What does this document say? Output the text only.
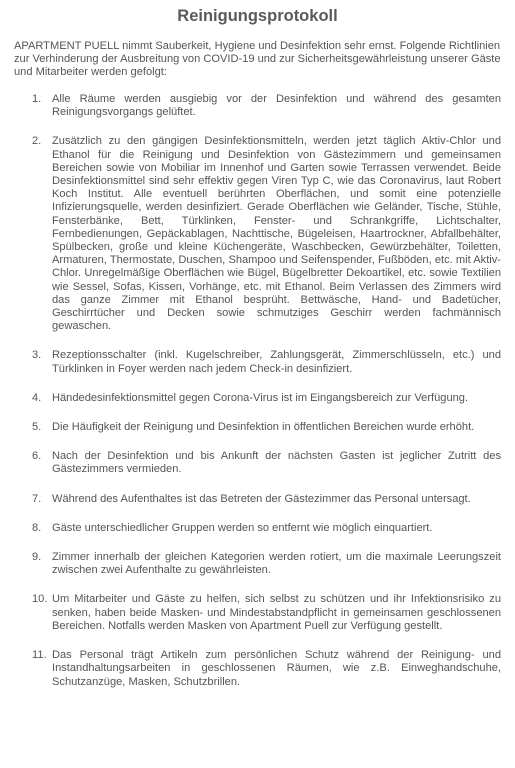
Reinigungsprotokoll
APARTMENT PUELL nimmt Sauberkeit, Hygiene und Desinfektion sehr ernst. Folgende Richtlinien zur Verhinderung der Ausbreitung von COVID-19 und zur Sicherheitsgewährleistung unserer Gäste und Mitarbeiter werden gefolgt:
1. Alle Räume werden ausgiebig vor der Desinfektion und während des gesamten Reinigungsvorgangs gelüftet.
2. Zusätzlich zu den gängigen Desinfektionsmitteln, werden jetzt täglich Aktiv-Chlor und Ethanol für die Reinigung und Desinfektion von Gästezimmern und gemeinsamen Bereichen sowie von Mobiliar im Innenhof und Garten sowie Terrassen verwendet. Beide Desinfektionsmittel sind sehr effektiv gegen Viren Typ C, wie das Coronavirus, laut Robert Koch Institut. Alle eventuell berührten Oberflächen, und somit eine potenzielle Infizierungsquelle, werden desinfiziert. Gerade Oberflächen wie Geländer, Tische, Stühle, Fensterbänke, Bett, Türklinken, Fenster- und Schrankgriffe, Lichtschalter, Fernbedienungen, Gepäckablagen, Nachttische, Bügeleisen, Haartrockner, Abfallbehälter, Spülbecken, große und kleine Küchengeräte, Waschbecken, Gewürzbehälter, Toiletten, Armaturen, Thermostate, Duschen, Shampoo und Seifenspender, Fußböden, etc. mit Aktiv-Chlor. Unregelmäßige Oberflächen wie Bügel, Bügelbretter Dekoartikel, etc. sowie Textilien wie Sessel, Sofas, Kissen, Vorhänge, etc. mit Ethanol. Beim Verlassen des Zimmers wird das ganze Zimmer mit Ethanol besprüht. Bettwäsche, Hand- und Badetücher, Geschirrtücher und Decken sowie schmutziges Geschirr werden fachmännisch gewaschen.
3. Rezeptionsschalter (inkl. Kugelschreiber, Zahlungsgerät, Zimmerschlüsseln, etc.) und Türklinken in Foyer werden nach jedem Check-in desinfiziert.
4. Händedesinfektionsmittel gegen Corona-Virus ist im Eingangsbereich zur Verfügung.
5. Die Häufigkeit der Reinigung und Desinfektion in öffentlichen Bereichen wurde erhöht.
6. Nach der Desinfektion und bis Ankunft der nächsten Gasten ist jeglicher Zutritt des Gästezimmers vermieden.
7. Während des Aufenthaltes ist das Betreten der Gästezimmer das Personal untersagt.
8. Gäste unterschiedlicher Gruppen werden so entfernt wie möglich einquartiert.
9. Zimmer innerhalb der gleichen Kategorien werden rotiert, um die maximale Leerungszeit zwischen zwei Aufenthalte zu gewährleisten.
10. Um Mitarbeiter und Gäste zu helfen, sich selbst zu schützen und ihr Infektionsrisiko zu senken, haben beide Masken- und Mindestabstandpflicht in gemeinsamen geschlossenen Bereichen. Notfalls werden Masken von Apartment Puell zur Verfügung gestellt.
11. Das Personal trägt Artikeln zum persönlichen Schutz während der Reinigung- und Instandhaltungsarbeiten in geschlossenen Räumen, wie z.B. Einweghandschuhe, Schutzanzüge, Masken, Schutzbrillen.
